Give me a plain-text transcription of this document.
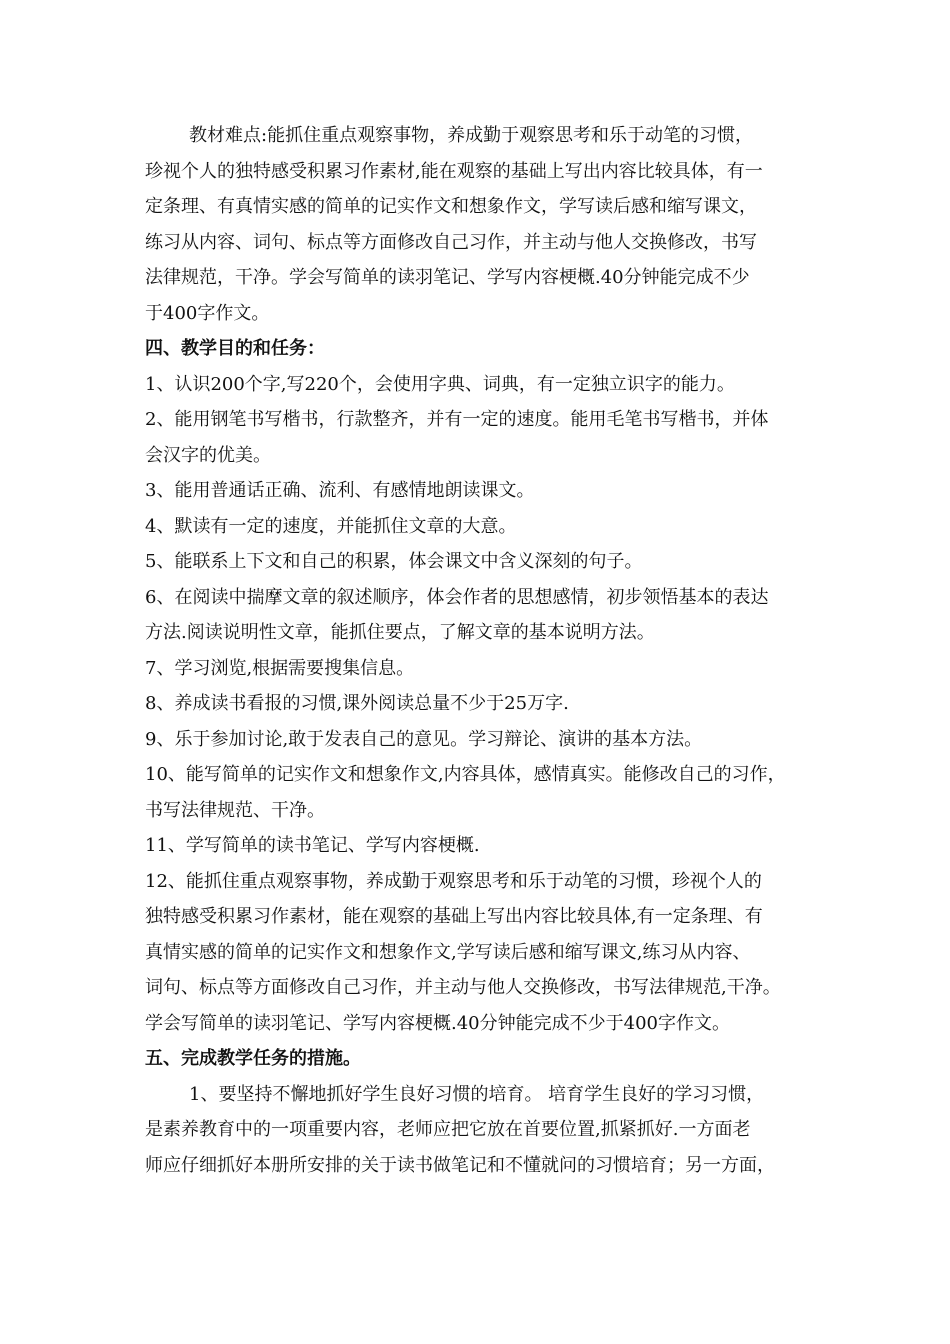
教材难点:能抓住重点观察事物，养成勤于观察思考和乐于动笔的习惯，
珍视个人的独特感受积累习作素材,能在观察的基础上写出内容比较具体，有一
定条理、有真情实感的简单的记实作文和想象作文，学写读后感和缩写课文，
练习从内容、词句、标点等方面修改自己习作，并主动与他人交换修改，书写
法律规范，干净。学会写简单的读羽笔记、学写内容梗概.40分钟能完成不少
于400字作文。
四、教学目的和任务：
1、认识200个字,写220个，会使用字典、词典，有一定独立识字的能力。
2、能用钢笔书写楷书，行款整齐，并有一定的速度。能用毛笔书写楷书，并体
会汉字的优美。
3、能用普通话正确、流利、有感情地朗读课文。
4、默读有一定的速度，并能抓住文章的大意。
5、能联系上下文和自己的积累，体会课文中含义深刻的句子。
6、在阅读中揣摩文章的叙述顺序，体会作者的思想感情，初步领悟基本的表达
方法.阅读说明性文章，能抓住要点，了解文章的基本说明方法。
7、学习浏览,根据需要搜集信息。
8、养成读书看报的习惯,课外阅读总量不少于25万字.
9、乐于参加讨论,敢于发表自己的意见。学习辩论、演讲的基本方法。
10、能写简单的记实作文和想象作文,内容具体，感情真实。能修改自己的习作，
书写法律规范、干净。
11、学写简单的读书笔记、学写内容梗概.
12、能抓住重点观察事物，养成勤于观察思考和乐于动笔的习惯，珍视个人的
独特感受积累习作素材，能在观察的基础上写出内容比较具体,有一定条理、有
真情实感的简单的记实作文和想象作文,学写读后感和缩写课文,练习从内容、
词句、标点等方面修改自己习作，并主动与他人交换修改，书写法律规范,干净。
学会写简单的读羽笔记、学写内容梗概.40分钟能完成不少于400字作文。
五、完成教学任务的措施。
1、要坚持不懈地抓好学生良好习惯的培育。 培育学生良好的学习习惯，
是素养教育中的一项重要内容，老师应把它放在首要位置,抓紧抓好.一方面老
师应仔细抓好本册所安排的关于读书做笔记和不懂就问的习惯培育；另一方面，
